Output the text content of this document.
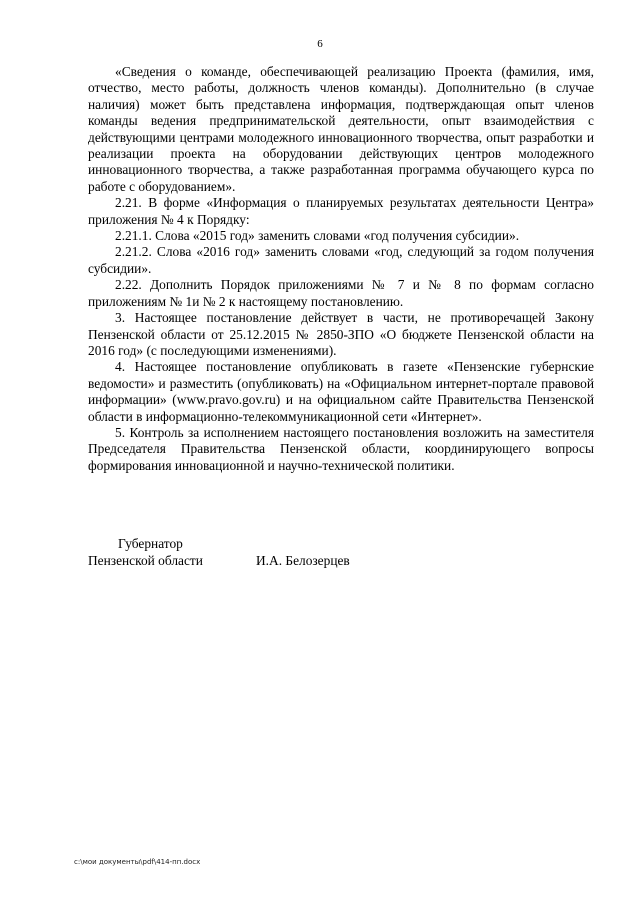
6

«Сведения о команде, обеспечивающей реализацию Проекта (фамилия, имя, отчество, место работы, должность членов команды). Дополнительно (в случае наличия) может быть представлена информация, подтверждающая опыт членов команды ведения предпринимательской деятельности, опыт взаимодействия с действующими центрами молодежного инновационного творчества, опыт разработки и реализации проекта на оборудовании действующих центров молодежного инновационного творчества, а также разработанная программа обучающего курса по работе с оборудованием».

2.21. В форме «Информация о планируемых результатах деятельности Центра» приложения № 4 к Порядку:

2.21.1. Слова «2015 год» заменить словами «год получения субсидии».

2.21.2. Слова «2016 год» заменить словами «год, следующий за годом получения субсидии».

2.22. Дополнить Порядок приложениями № 7 и № 8 по формам согласно приложениям № 1и № 2 к настоящему постановлению.

3. Настоящее постановление действует в части, не противоречащей Закону Пензенской области от 25.12.2015 № 2850-ЗПО «О бюджете Пензенской области на 2016 год» (с последующими изменениями).

4. Настоящее постановление опубликовать в газете «Пензенские губернские ведомости» и разместить (опубликовать) на «Официальном интернет-портале правовой информации» (www.pravo.gov.ru) и на официальном сайте Правительства Пензенской области в информационно-телекоммуникационной сети «Интернет».

5. Контроль за исполнением настоящего постановления возложить на заместителя Председателя Правительства Пензенской области, координирующего вопросы формирования инновационной и научно-технической политики.

Губернатор
Пензенской области	И.А. Белозерцев
c:\мои документы\pdf\414-пп.docx
